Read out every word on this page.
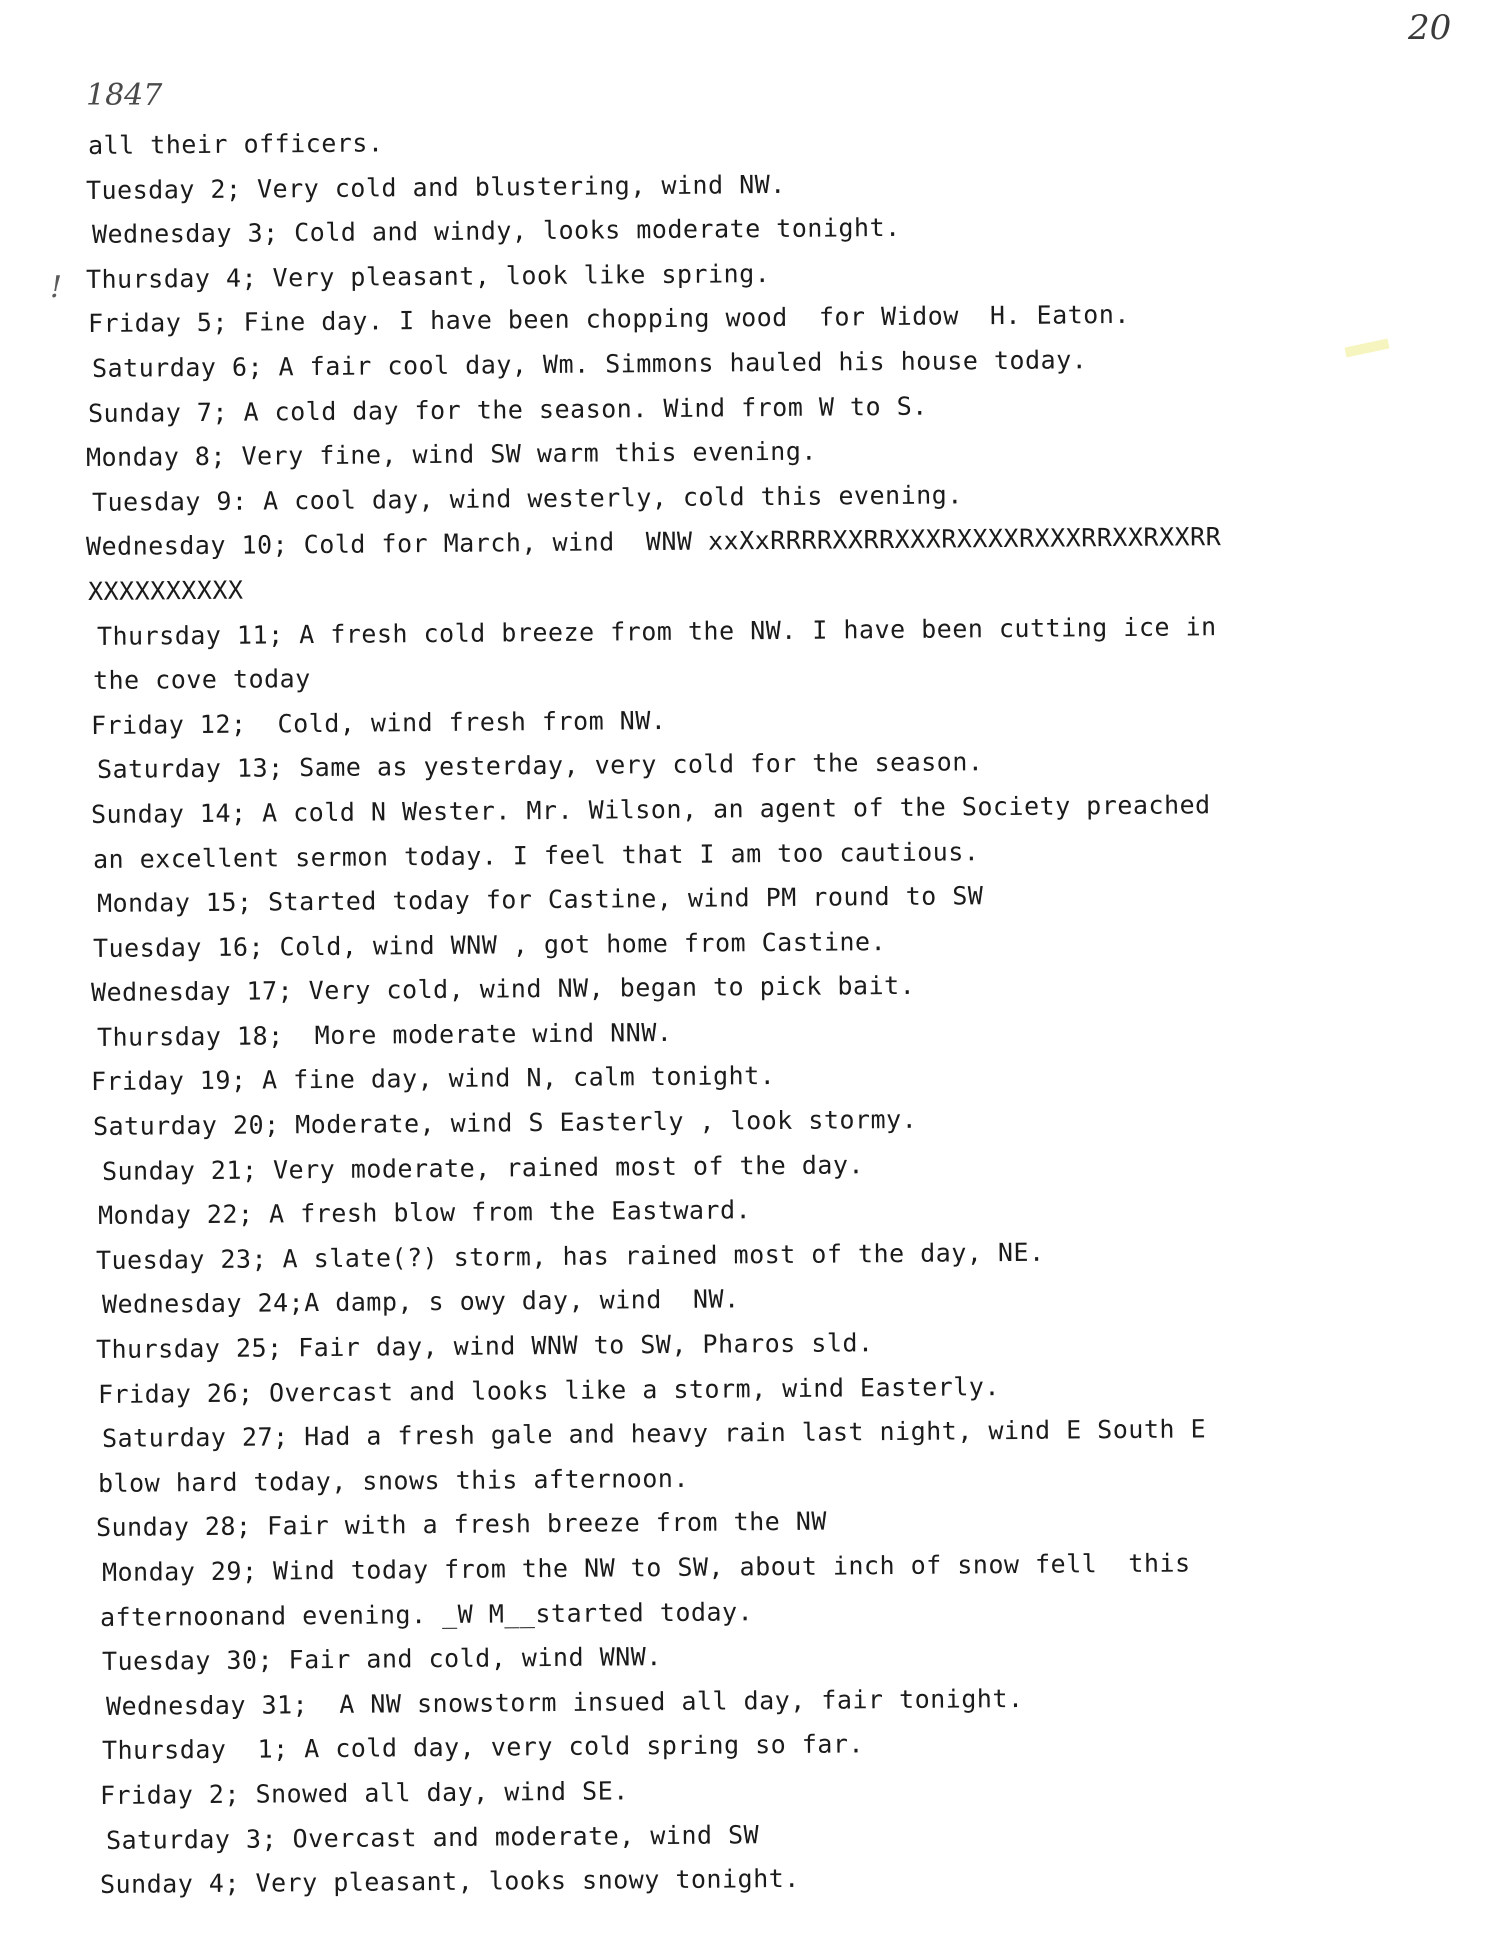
20
1847
!
all their officers.
Tuesday 2; Very cold and blustering, wind NW.
Wednesday 3; Cold and windy, looks moderate tonight.
Thursday 4; Very pleasant, look like spring.
Friday 5; Fine day. I have been chopping wood  for Widow  H. Eaton.
Saturday 6; A fair cool day, Wm. Simmons hauled his house today.
Sunday 7; A cold day for the season. Wind from W to S.
Monday 8; Very fine, wind SW warm this evening.
Tuesday 9: A cool day, wind westerly, cold this evening.
Wednesday 10; Cold for March, wind  WNW xxXxRRRRXXRRXXXRXXXXRXXXRRXXRXXRR
XXXXXXXXXX
Thursday 11; A fresh cold breeze from the NW. I have been cutting ice in
the cove today
Friday 12;  Cold, wind fresh from NW.
Saturday 13; Same as yesterday, very cold for the season.
Sunday 14; A cold N Wester. Mr. Wilson, an agent of the Society preached
an excellent sermon today. I feel that I am too cautious.
Monday 15; Started today for Castine, wind PM round to SW
Tuesday 16; Cold, wind WNW , got home from Castine.
Wednesday 17; Very cold, wind NW, began to pick bait.
Thursday 18;  More moderate wind NNW.
Friday 19; A fine day, wind N, calm tonight.
Saturday 20; Moderate, wind S Easterly , look stormy.
Sunday 21; Very moderate, rained most of the day.
Monday 22; A fresh blow from the Eastward.
Tuesday 23; A slate(?) storm, has rained most of the day, NE.
Wednesday 24;A damp, s owy day, wind  NW.
Thursday 25; Fair day, wind WNW to SW, Pharos sld.
Friday 26; Overcast and looks like a storm, wind Easterly.
Saturday 27; Had a fresh gale and heavy rain last night, wind E South E
blow hard today, snows this afternoon.
Sunday 28; Fair with a fresh breeze from the NW
Monday 29; Wind today from the NW to SW, about inch of snow fell  this
afternoonand evening. _W M__started today.
Tuesday 30; Fair and cold, wind WNW.
Wednesday 31;  A NW snowstorm insued all day, fair tonight.
Thursday  1; A cold day, very cold spring so far.
Friday 2; Snowed all day, wind SE.
Saturday 3; Overcast and moderate, wind SW
Sunday 4; Very pleasant, looks snowy tonight.
